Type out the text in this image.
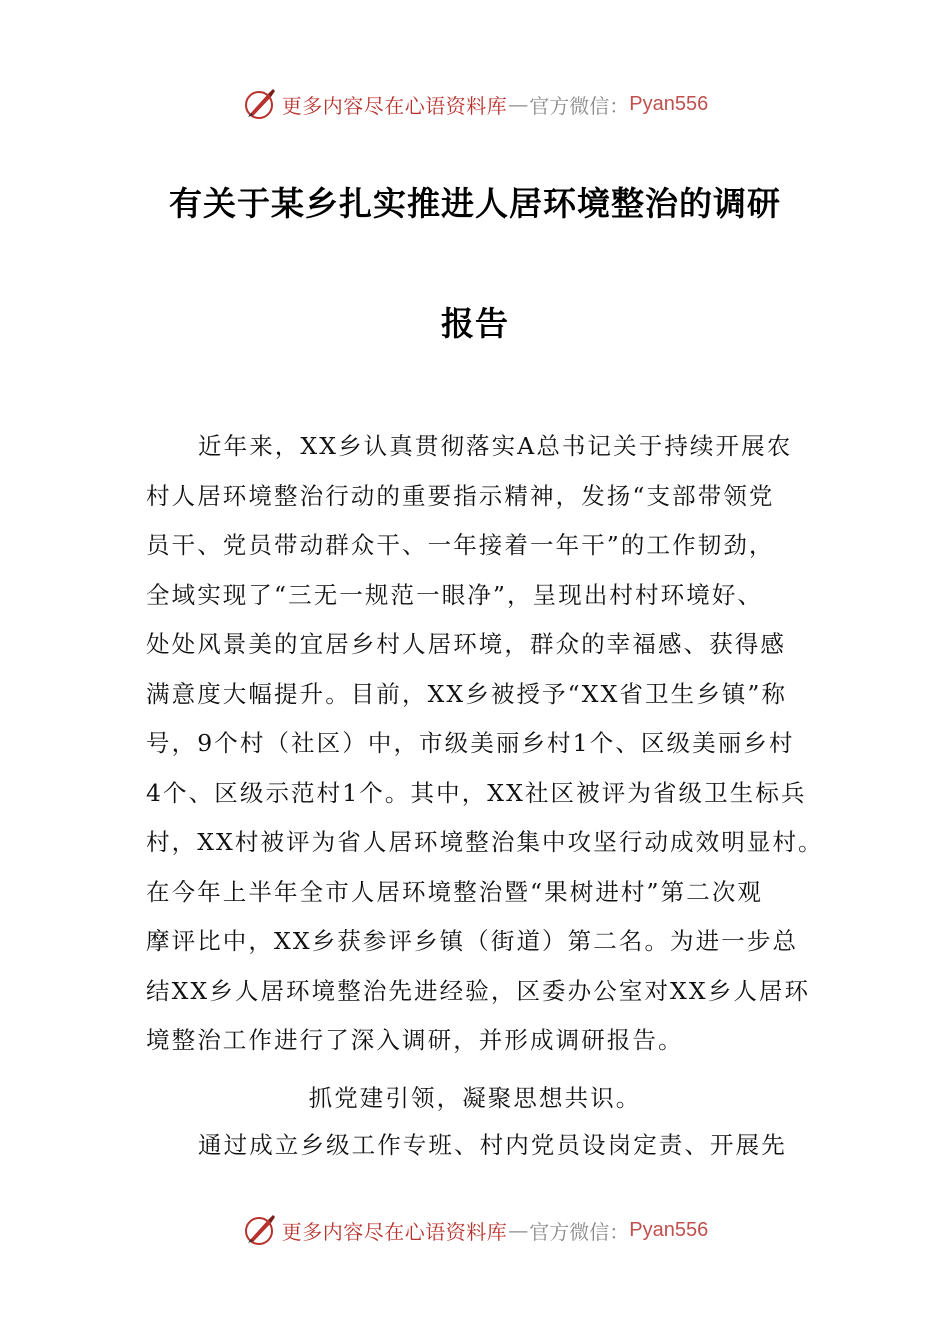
更多内容尽在心语资料库 — 官方微信： Pyan556
有关于某乡扎实推进人居环境整治的调研
报告
近年来，XX乡认真贯彻落实A总书记关于持续开展农
村人居环境整治行动的重要指示精神，发扬“支部带领党
员干、党员带动群众干、一年接着一年干”的工作韧劲，
全域实现了“三无一规范一眼净”，呈现出村村环境好、
处处风景美的宜居乡村人居环境，群众的幸福感、获得感
满意度大幅提升。目前，XX乡被授予“XX省卫生乡镇”称
号，9个村（社区）中，市级美丽乡村1个、区级美丽乡村
4个、区级示范村1个。其中，XX社区被评为省级卫生标兵
村，XX村被评为省人居环境整治集中攻坚行动成效明显村。
在今年上半年全市人居环境整治暨“果树进村”第二次观
摩评比中，XX乡获参评乡镇（街道）第二名。为进一步总
结XX乡人居环境整治先进经验，区委办公室对XX乡人居环
境整治工作进行了深入调研，并形成调研报告。
抓党建引领，凝聚思想共识。
通过成立乡级工作专班、村内党员设岗定责、开展先
更多内容尽在心语资料库 — 官方微信： Pyan556
